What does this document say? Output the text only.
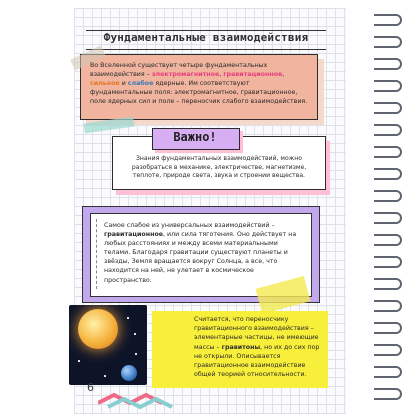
Фундаментальные взаимодействия
Во Вселенной существует четыре фундаментальных взаимодействия – электромагнитное, гравитационное, сильное и слабое ядерные. Им соответствуют фундаментальные поля: электромагнитное, гравитационное, поле ядерных сил и поле – переносчик слабого взаимодействия.
Важно!
Знания фундаментальных взаимодействий, можно разобраться в механике, электричестве, магнетизме, теплоте, природе света, звука и строении вещества.
Самое слабое из универсальных взаимодействий – гравитационное, или сила тяготения. Оно действует на любых расстояниях и между всеми материальными телами. Благодаря гравитации существуют планеты и звёзды, Земля вращается вокруг Солнца, а все, что находится на ней, не улетает в космическое пространство.
Считается, что переносчику гравитационного взаимодействия – элементарные частицы, не имеющие массы – гравитоны, но их до сих пор не открыли. Описывается гравитационное взаимодействие общей теорией относительности.
6
